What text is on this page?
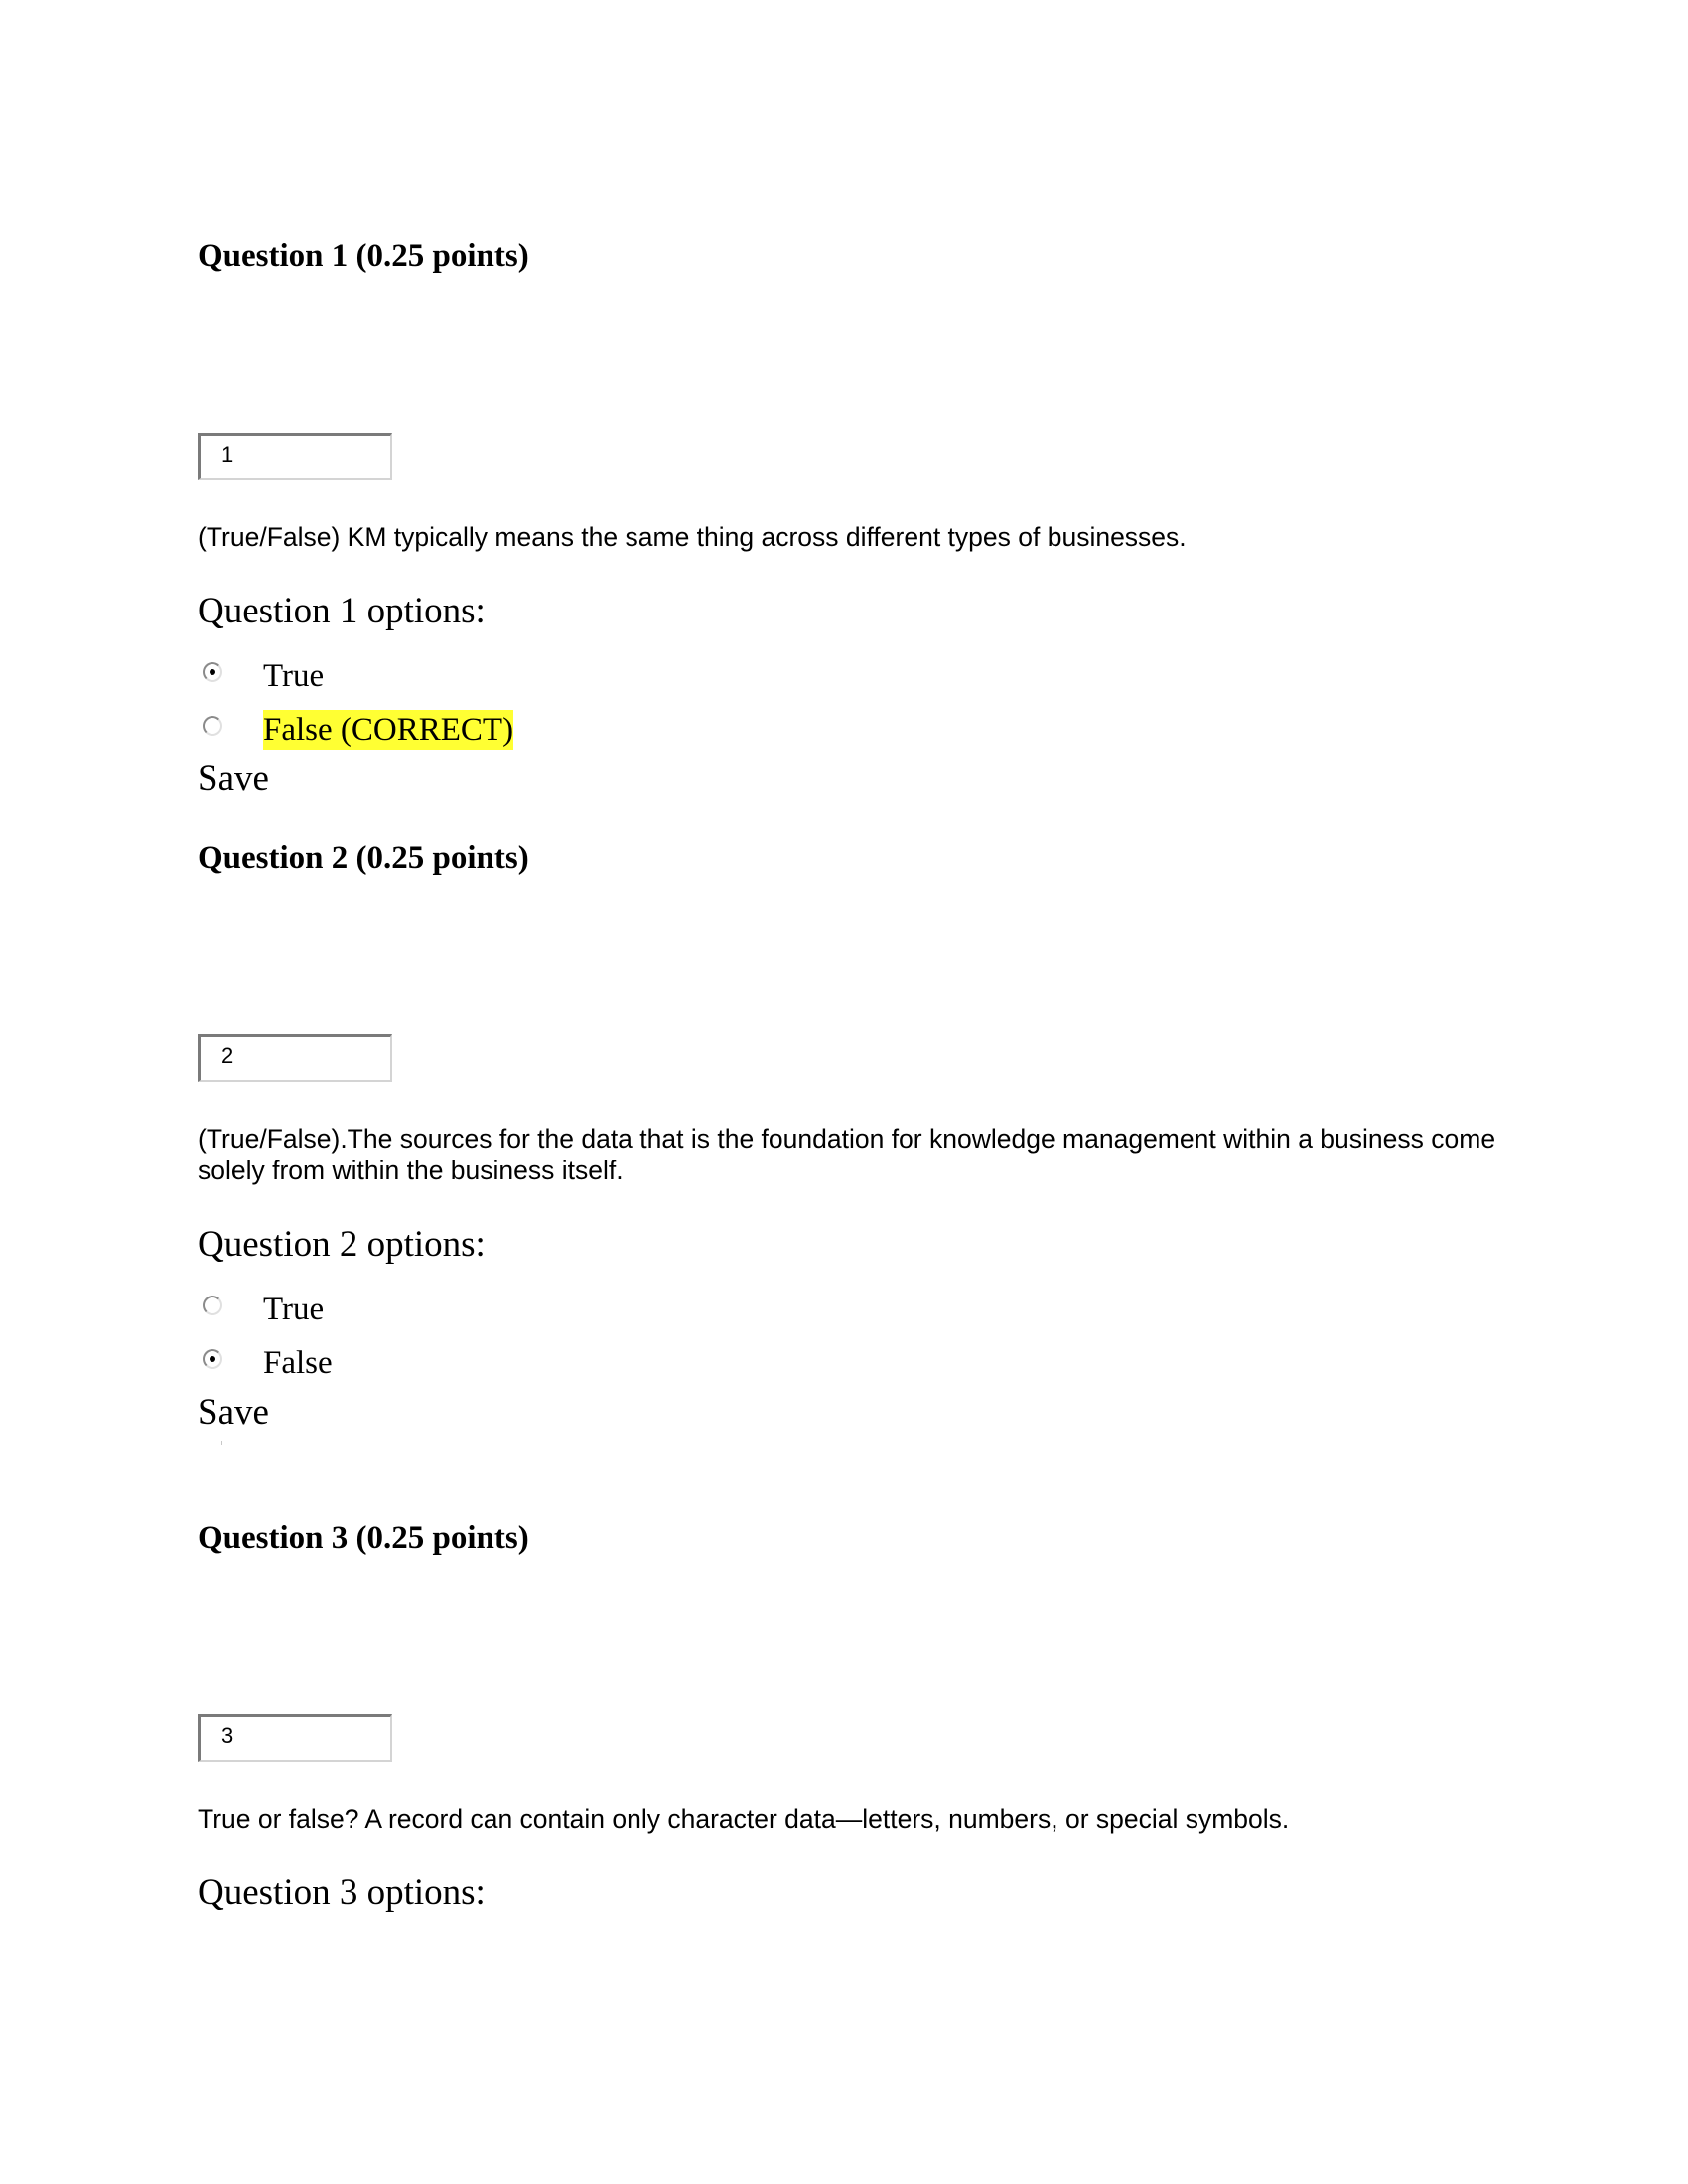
Question 1 (0.25 points)
1
(True/False) KM typically means the same thing across different types of businesses.
Question 1 options:
True
False (CORRECT)
Save
Question 2 (0.25 points)
2
(True/False).The sources for the data that is the foundation for knowledge management within a business come solely from within the business itself.
Question 2 options:
True
False
Save
Question 3 (0.25 points)
3
True or false? A record can contain only character data—letters, numbers, or special symbols.
Question 3 options:
